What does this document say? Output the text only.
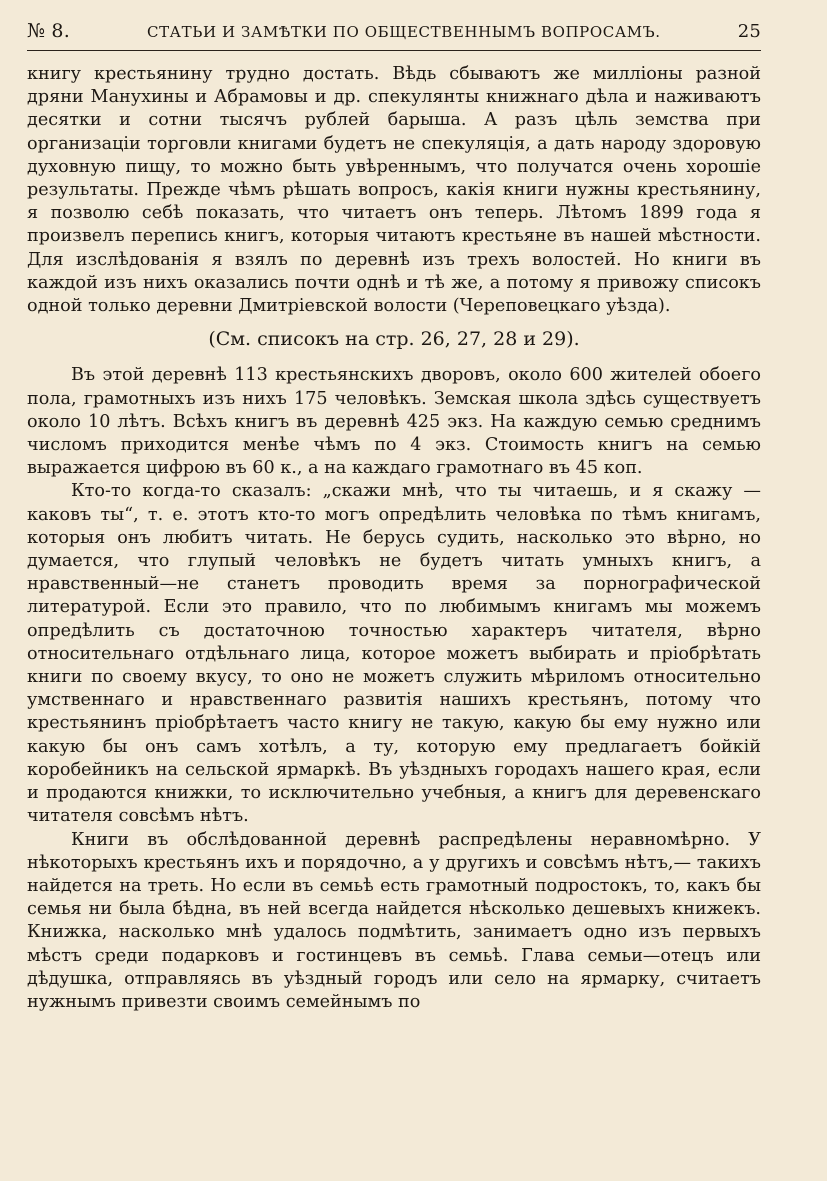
№ 8.	СТАТЬИ И ЗАМѢТКИ ПО ОБЩЕСТВЕННЫМЪ ВОПРОСАМЪ.	25

книгу крестьянину трудно достать. Вѣдь сбываютъ же милліоны разной дряни Манухины и Абрамовы и др. спекулянты книжнаго дѣла и наживаютъ десятки и сотни тысячъ рублей барыша. А разъ цѣль земства при организаціи торговли книгами будетъ не спекуляція, а дать народу здоровую духовную пищу, то можно быть увѣреннымъ, что получатся очень хорошіе результаты. Прежде чѣмъ рѣшать вопросъ, какія книги нужны крестьянину, я позволю себѣ показать, что читаетъ онъ теперь. Лѣтомъ 1899 года я произвелъ перепись книгъ, которыя читаютъ крестьяне въ нашей мѣстности. Для изслѣдованія я взялъ по деревнѣ изъ трехъ волостей. Но книги въ каждой изъ нихъ оказались почти однѣ и тѣ же, а потому я привожу списокъ одной только деревни Дмитріевской волости (Череповецкаго уѣзда).

(См. списокъ на стр. 26, 27, 28 и 29).

Въ этой деревнѣ 113 крестьянскихъ дворовъ, около 600 жителей обоего пола, грамотныхъ изъ нихъ 175 человѣкъ. Земская школа здѣсь существуетъ около 10 лѣтъ. Всѣхъ книгъ въ деревнѣ 425 экз. На каждую семью среднимъ числомъ приходится менѣе чѣмъ по 4 экз. Стоимость книгъ на семью выражается цифрою въ 60 к., а на каждаго грамотнаго въ 45 коп.

Кто-то когда-то сказалъ: „скажи мнѣ, что ты читаешь, и я скажу — каковъ ты“, т. е. этотъ кто-то могъ опредѣлить человѣка по тѣмъ книгамъ, которыя онъ любитъ читать. Не берусь судить, насколько это вѣрно, но думается, что глупый человѣкъ не будетъ читать умныхъ книгъ, а нравственный—не станетъ проводить время за порнографической литературой. Если это правило, что по любимымъ книгамъ мы можемъ опредѣлить съ достаточною точностью характеръ читателя, вѣрно относительнаго отдѣльнаго лица, которое можетъ выбирать и пріобрѣтать книги по своему вкусу, то оно не можетъ служить мѣриломъ относительно умственнаго и нравственнаго развитія нашихъ крестьянъ, потому что крестьянинъ пріобрѣтаетъ часто книгу не такую, какую бы ему нужно или какую бы онъ самъ хотѣлъ, а ту, которую ему предлагаетъ бойкій коробейникъ на сельской ярмаркѣ. Въ уѣздныхъ городахъ нашего края, если и продаются книжки, то исключительно учебныя, а книгъ для деревенскаго читателя совсѣмъ нѣтъ.

Книги въ обслѣдованной деревнѣ распредѣлены неравномѣрно. У нѣкоторыхъ крестьянъ ихъ и порядочно, а у другихъ и совсѣмъ нѣтъ,— такихъ найдется на треть. Но если въ семьѣ есть грамотный подростокъ, то, какъ бы семья ни была бѣдна, въ ней всегда найдется нѣсколько дешевыхъ книжекъ. Книжка, насколько мнѣ удалось подмѣтить, занимаетъ одно изъ первыхъ мѣстъ среди подарковъ и гостинцевъ въ семьѣ. Глава семьи—отецъ или дѣдушка, отправляясь въ уѣздный городъ или село на ярмарку, считаетъ нужнымъ привезти своимъ семейнымъ по
